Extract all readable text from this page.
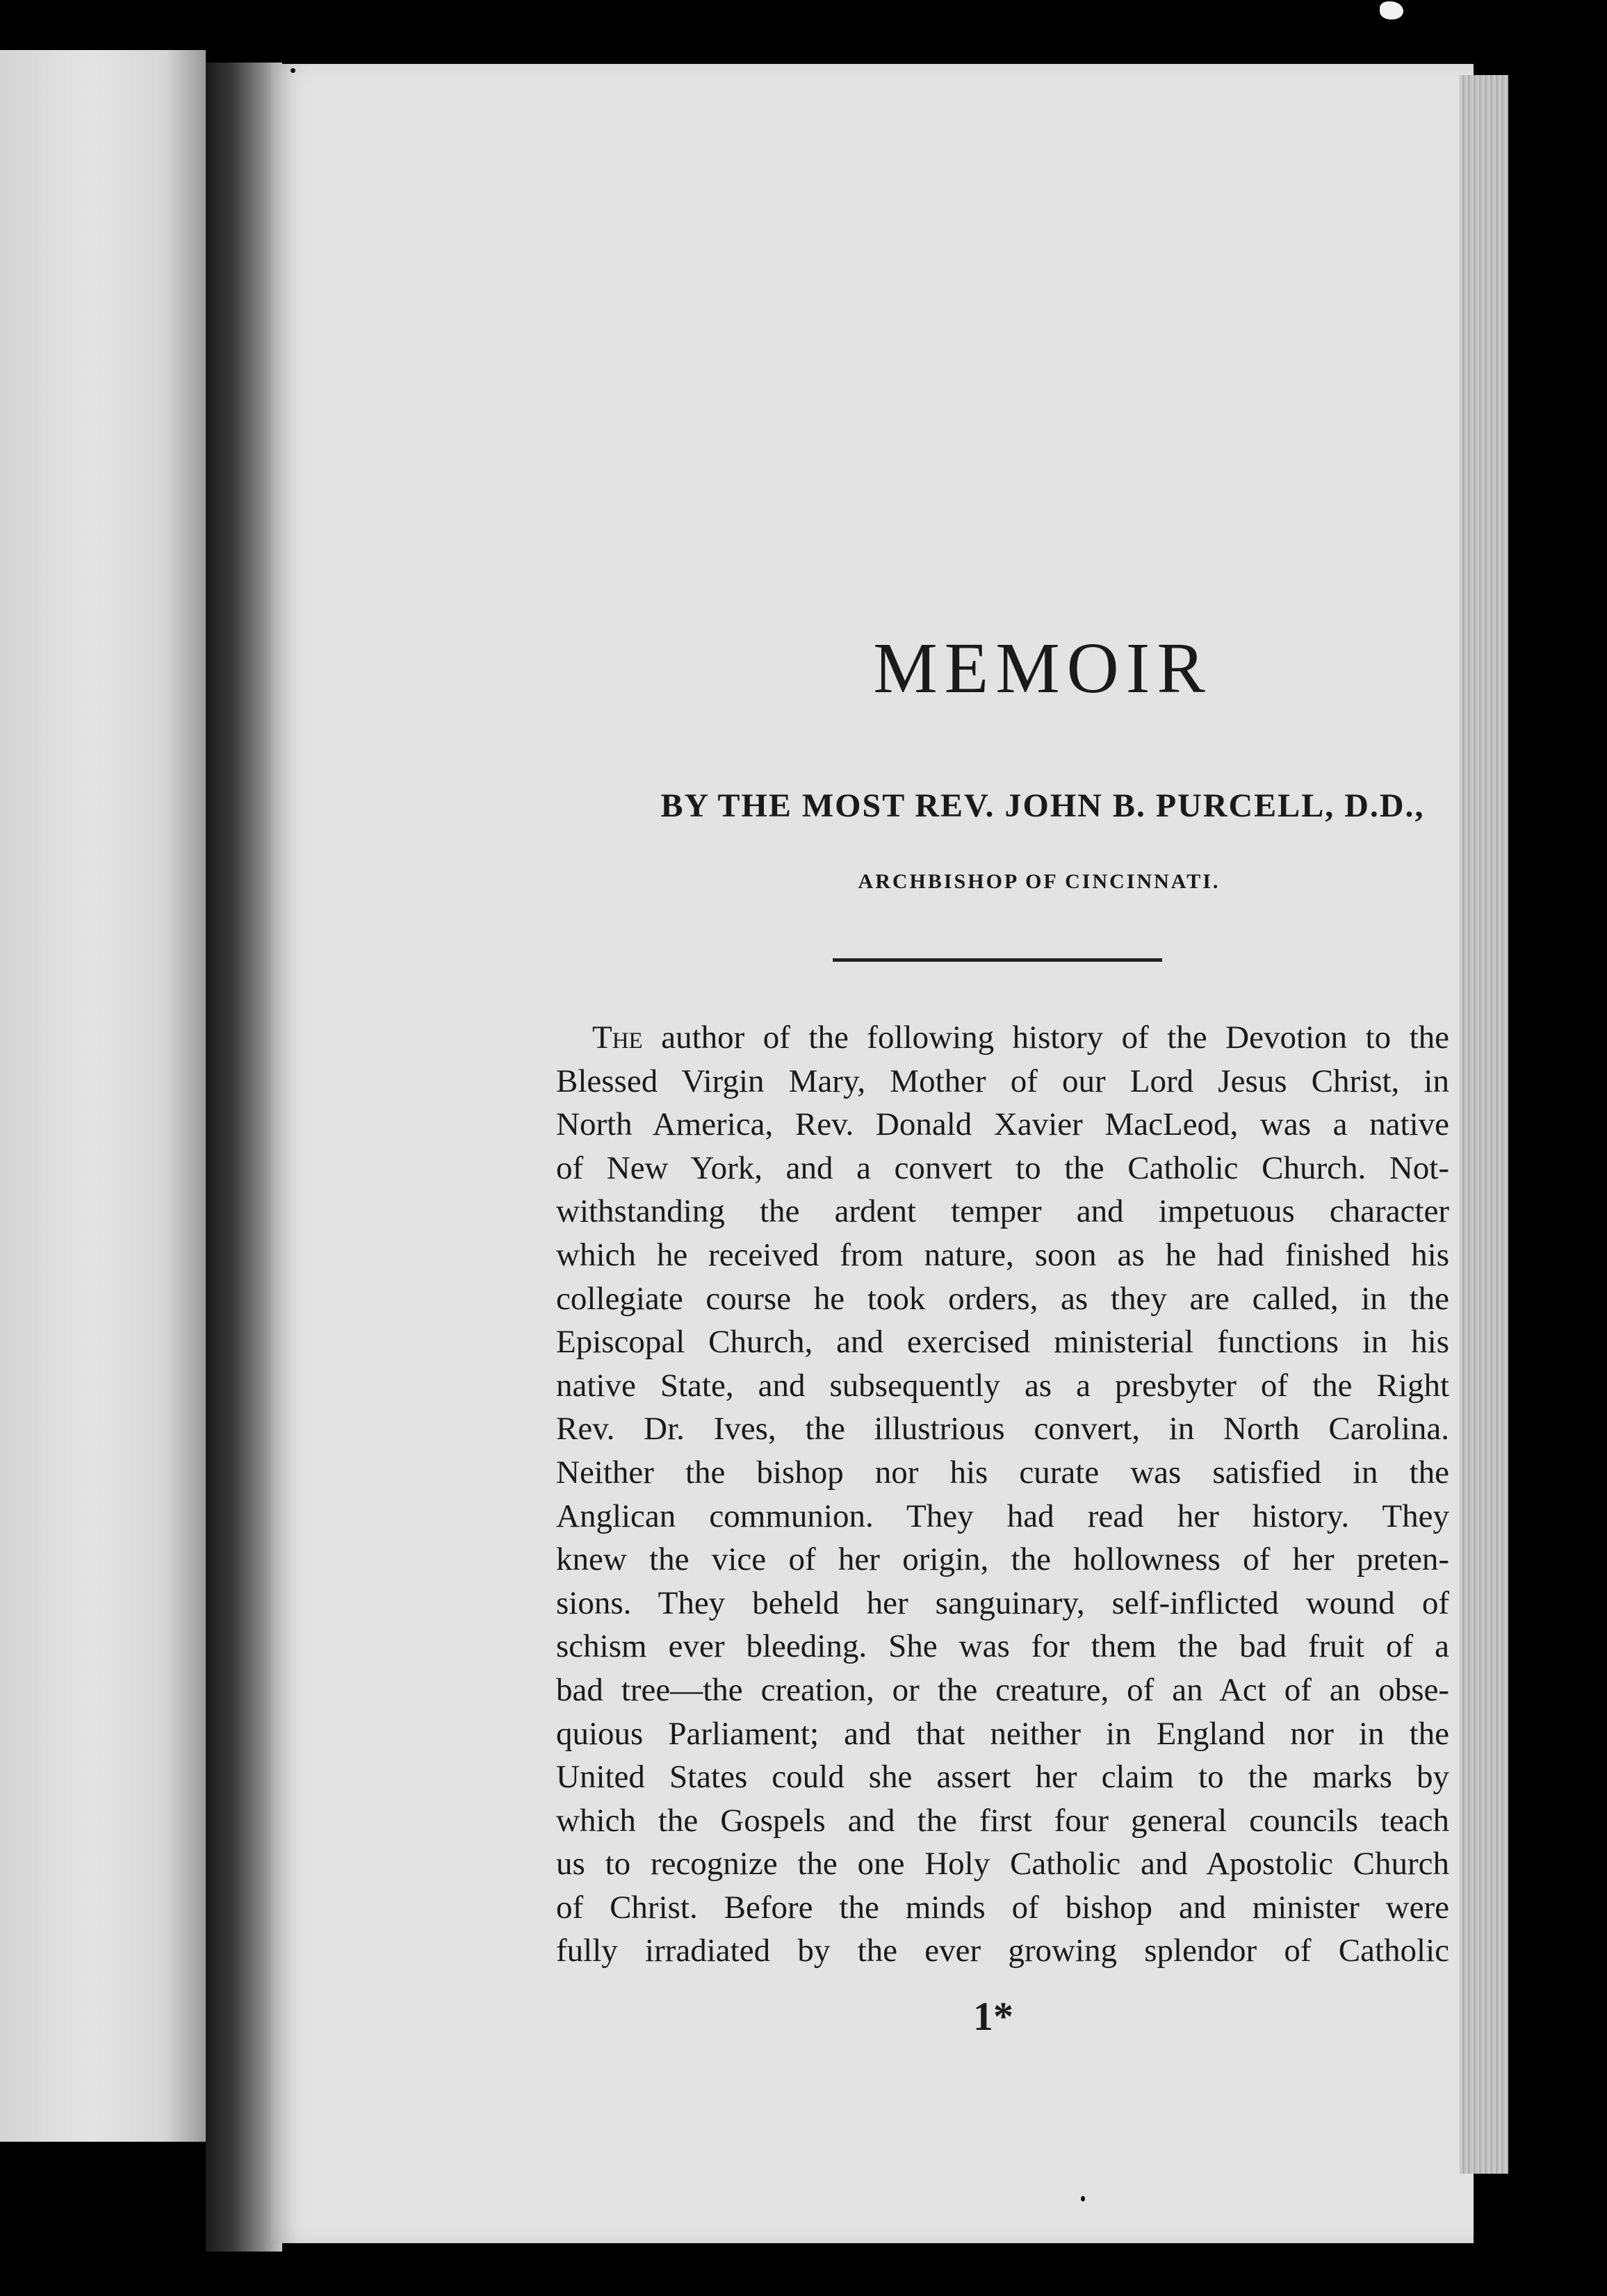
MEMOIR
BY THE MOST REV. JOHN B. PURCELL, D.D.,
ARCHBISHOP OF CINCINNATI.
The author of the following history of the Devotion to the
Blessed Virgin Mary, Mother of our Lord Jesus Christ, in
North America, Rev. Donald Xavier MacLeod, was a native
of New York, and a convert to the Catholic Church. Not-
withstanding the ardent temper and impetuous character
which he received from nature, soon as he had finished his
collegiate course he took orders, as they are called, in the
Episcopal Church, and exercised ministerial functions in his
native State, and subsequently as a presbyter of the Right
Rev. Dr. Ives, the illustrious convert, in North Carolina.
Neither the bishop nor his curate was satisfied in the
Anglican communion. They had read her history. They
knew the vice of her origin, the hollowness of her preten-
sions. They beheld her sanguinary, self-inflicted wound of
schism ever bleeding. She was for them the bad fruit of a
bad tree—the creation, or the creature, of an Act of an obse-
quious Parliament; and that neither in England nor in the
United States could she assert her claim to the marks by
which the Gospels and the first four general councils teach
us to recognize the one Holy Catholic and Apostolic Church
of Christ. Before the minds of bishop and minister were
fully irradiated by the ever growing splendor of Catholic
1*
